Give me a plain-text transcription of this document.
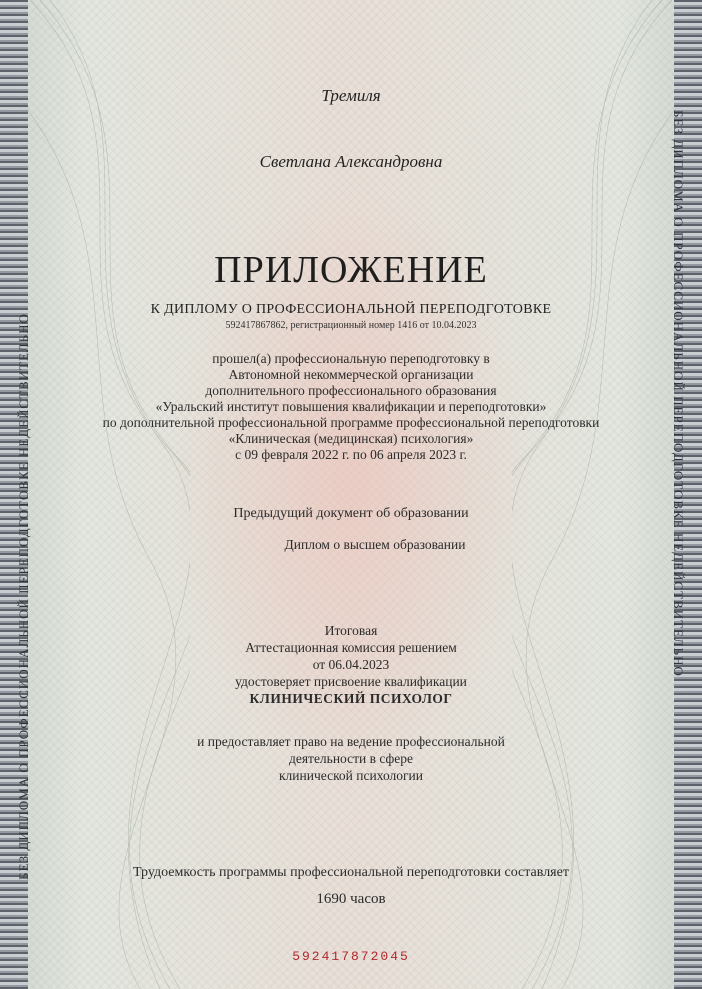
БЕЗ ДИПЛОМА О ПРОФЕССИОНАЛЬНОЙ ПЕРЕПОДГОТОВКЕ НЕДЕЙСТВИТЕЛЬНО	БЕЗ ДИПЛОМА О ПРОФЕССИОНАЛЬНОЙ ПЕРЕПОДГОТОВКЕ НЕДЕЙСТВИТЕЛЬНО
Тремиля
Светлана Александровна
ПРИЛОЖЕНИЕ
К ДИПЛОМУ О ПРОФЕССИОНАЛЬНОЙ ПЕРЕПОДГОТОВКЕ
592417867862, регистрационный номер 1416 от 10.04.2023
прошел(а) профессиональную переподготовку в
Автономной некоммерческой организации
дополнительного профессионального образования
«Уральский институт повышения квалификации и переподготовки»
по дополнительной профессиональной программе профессиональной переподготовки
«Клиническая (медицинская) психология»
с 09 февраля 2022 г. по 06 апреля 2023 г.
Предыдущий документ об образовании
Диплом о высшем образовании
Итоговая
Аттестационная комиссия решением
от 06.04.2023
удостоверяет присвоение квалификации
КЛИНИЧЕСКИЙ ПСИХОЛОГ
и предоставляет право на ведение профессиональной
деятельности в сфере
клинической психологии
Трудоемкость программы профессиональной переподготовки составляет
1690 часов
592417872045
